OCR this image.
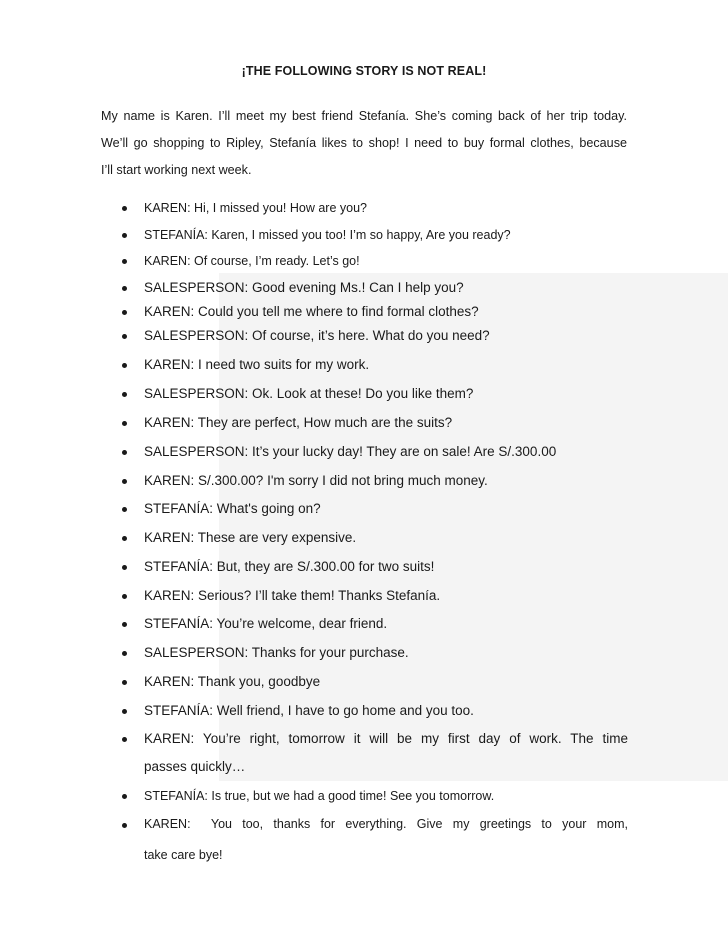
¡THE FOLLOWING STORY IS NOT REAL!
My name is Karen. I’ll meet my best friend Stefanía. She’s coming back of her trip today.
We’ll go shopping to Ripley, Stefanía likes to shop! I need to buy formal clothes, because
I’ll start working next week.
KAREN: Hi, I missed you! How are you?
STEFANÍA: Karen, I missed you too! I’m so happy, Are you ready?
KAREN: Of course, I’m ready. Let’s go!
SALESPERSON: Good evening Ms.! Can I help you?
KAREN: Could you tell me where to find formal clothes?
SALESPERSON: Of course, it’s here. What do you need?
KAREN: I need two suits for my work.
SALESPERSON: Ok. Look at these! Do you like them?
KAREN: They are perfect, How much are the suits?
SALESPERSON: It’s your lucky day! They are on sale! Are S/.300.00
KAREN: S/.300.00? I'm sorry I did not bring much money.
STEFANÍA: What's going on?
KAREN: These are very expensive.
STEFANÍA: But, they are S/.300.00 for two suits!
KAREN: Serious? I’ll take them! Thanks Stefanía.
STEFANÍA: You’re welcome, dear friend.
SALESPERSON: Thanks for your purchase.
KAREN: Thank you, goodbye
STEFANÍA: Well friend, I have to go home and you too.
KAREN: You’re right, tomorrow it will be my first day of work. The time
passes quickly…
STEFANÍA: Is true, but we had a good time! See you tomorrow.
KAREN:  You too, thanks for everything. Give my greetings to your mom,
take care bye!
